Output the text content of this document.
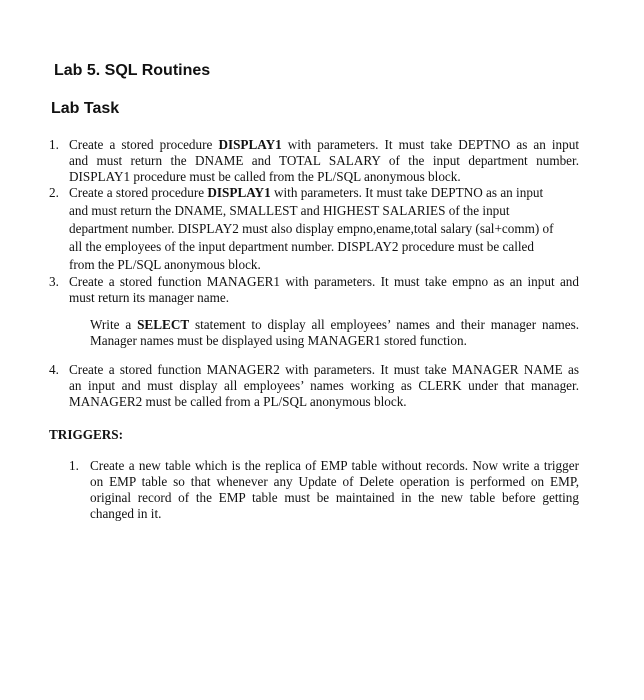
Lab 5. SQL Routines
Lab Task
1. Create a stored procedure DISPLAY1 with parameters. It must take DEPTNO as an input
and must return the DNAME and TOTAL SALARY of the input department number.
DISPLAY1 procedure must be called from the PL/SQL anonymous block.
2. Create a stored procedure DISPLAY1 with parameters. It must take DEPTNO as an input
and must return the DNAME, SMALLEST and HIGHEST SALARIES of the input
department number. DISPLAY2 must also display empno,ename,total salary (sal+comm) of
all the employees of the input department number. DISPLAY2 procedure must be called
from the PL/SQL anonymous block.
3. Create a stored function MANAGER1 with parameters. It must take empno as an input and
must return its manager name.
Write a SELECT statement to display all employees’ names and their manager names.
Manager names must be displayed using MANAGER1 stored function.
4. Create a stored function MANAGER2 with parameters. It must take MANAGER NAME as
an input and must display all employees’ names working as CLERK under that manager.
MANAGER2 must be called from a PL/SQL anonymous block.
TRIGGERS:
1. Create a new table which is the replica of EMP table without records. Now write a trigger
on EMP table so that whenever any Update of Delete operation is performed on EMP,
original record of the EMP table must be maintained in the new table before getting
changed in it.
